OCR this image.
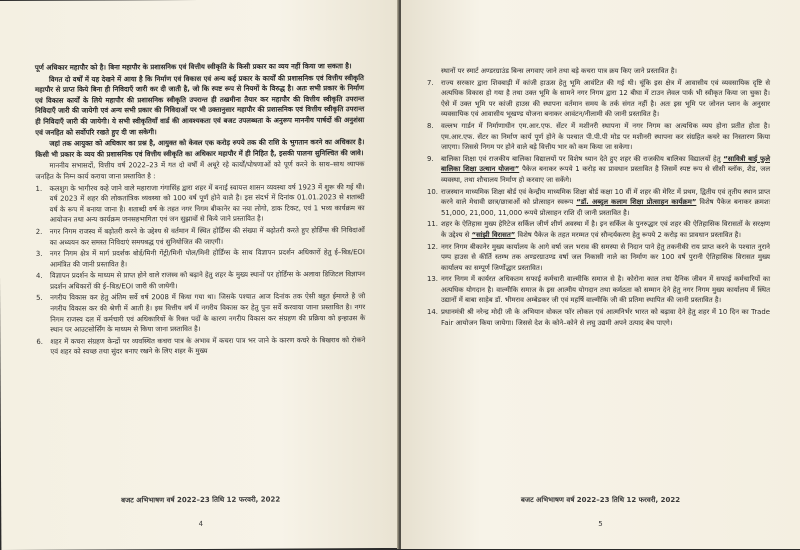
पूर्ण अधिकार महापौर को है। बिना महापौर के प्रशासनिक एवं वित्तीय स्वीकृति के किसी प्रकार का व्यय नहीं किया जा सकता है।

विगत दो वर्षों में यह देखने में आया है कि निर्माण एवं विकास एवं अन्य कई प्रकार के कार्यों की प्रशासनिक एवं वित्तीय स्वीकृति महापौर से प्राप्त किये बिना ही निविदाएँ जारी कर दी जाती है, जो कि स्पष्ट रूप से नियमों के विरुद्ध है। अतः सभी प्रकार के निर्माण एवं विकास कार्यों के लिये महापौर की प्रशासनिक स्वीकृति उपरान्त ही तखमीना तैयार कर महापौर की वित्तीय स्वीकृति उपरान्त निविदाएँ जारी की जायेगी एवं अन्य सभी प्रकार की निविदाओं पर भी उक्तानुसार महापौर की प्रशासनिक एवं वित्तीय स्वीकृति उपरान्त ही निविदाएँ जारी की जायेगी। ये सभी स्वीकृतियाँ वार्ड की आवश्यकता एवं बजट उपलब्धता के अनुरूप माननीय पार्षदों की अनुशंसा एवं जनहित को सर्वोपरि रखते हुए दी जा सकेगी।

जहां तक आयुक्त को अधिकार का प्रश्न है, आयुक्त को केवल एक करोड़ रुपये तक की राशि के भुगतान करने का अधिकार है। किसी भी प्रकार के व्यय की प्रशासनिक एवं वित्तीय स्वीकृति का अधिकार महापौर में ही निहित है, इसकी पालना सुनिश्चित की जावे।

माननीय सभासदों, वित्तीय वर्ष 2022–23 में गत दो वर्षों में अधूरे रहे कार्यों/घोषणाओं को पूर्ण करने के साथ–साथ व्यापक जनहित के निम्न कार्य कराया जाना प्रस्तावित है :

1.	कलशुग के भागीरथ कहे जाने वाले महाराजा गंगासिंह द्वारा शहर में बनाई स्वायत्त शासन व्यवस्था वर्ष 1923 में शुरू की गई थी। वर्ष 2023 में शहर की लोकतांत्रिक व्यवस्था को 100 वर्ष पूर्ण होने वाले है। इस संदर्भ में दिनांक 01.01.2023 से शताब्दी वर्ष के रूप में बनाया जाना है। शताब्दी वर्ष के तहत नगर निगम बीकानेर का नया लोगो, डाक टिकट, एवं 1 भव्य कार्यक्रम का आयोजन तथा अन्य कार्यक्रम जनसहभागिता एवं जन सुझावों से किये जाने प्रस्तावित है।
2.	नगर निगम राजस्व में बढ़ोतरी करने के उद्देश्य से वर्तमान में स्थित होर्डिंग्स की संख्या में बढ़ोतरी करते हुए होर्डिंग्स की निविदाओं का अध्ययन कर समस्त निविदाएं समयबद्ध एवं सुनियोजित की जाएगी।
3.	नगर निगम क्षेत्र में मार्ग प्रदर्शक बोर्ड/मिनी गेंट्री/मिनी पोल/मिनी होर्डिंग्स के साथ विज्ञापन प्रदर्शन अधिकारों हेतु ई–बिड/EOI आमंत्रित की जानी प्रस्तावित है।
4.	विज्ञापन प्रदर्शन के माध्यम से प्राप्त होने वाले राजस्व को बढ़ाने हेतु शहर के मुख्य स्थानों पर होर्डिंग्स के अलावा डिजिटल विज्ञापन प्रदर्शन अधिकारों की ई–बिड/EOI जारी की जायेगी।
5.	नगरीय विकास कर हेतु अंतिम सर्वे वर्ष 2008 में किया गया था। जिसके पश्चात आज दिनांक तक ऐसी बहुत ईमारते है जो नगरीय विकास कर की श्रेणी में आती है। इस वित्तीय वर्ष में नगरीय विकास कर हेतु पुनः सर्वे करवाया जाना प्रस्तावित है। नगर निगम राजस्व दल में कर्मचारी एवं अधिकारियों के रिक्त पदों के कारण नगरीय विकास कर संग्रहण की प्रक्रिया को इन्हाउस के स्थान पर आउटसोर्सिंग के माध्यम से किया जाना प्रस्तावित है।
6.	शहर में कचरा संग्रहण केन्द्रों पर व्यवस्थित कचरा पात्र के अभाव में कचरा पात्र भर जाने के कारण कचरे के बिखराव को रोकने एवं शहर को स्वच्छ तथा सुंदर बनाए रखने के लिए शहर के मुख्य
बजट अभिभाषण वर्ष 2022–23 तिथि 12 फरवरी, 2022
4

स्थानों पर स्मार्ट अण्डरग्राउंड बिन्स लगवाए जाने तथा बड़े कचरा पात्र क्रय किए जाने प्रस्तावित है।

7.	राज्य सरकार द्वारा शिवबाड़ी में कांजी हाऊस हेतु भूमि आवंटित की गई थी। चूंकि इस क्षेत्र में आवासीय एवं व्यवसायिक दृष्टि से अत्यधिक विकास हो गया है तथा उक्त भूमि के सामने नगर निगम द्वारा 12 बीघा में टाउन लेवल पार्क भी स्वीकृत किया जा चुका है। ऐसे में उक्त भूमि पर कांजी हाउस की स्थापना वर्तमान समय के तर्क संगत नहीं है। अतः इस भूमि पर जोनल प्लान के अनुसार व्यवसायिक एवं आवासीय भूखण्ड योजना बनाकर आवंटन/नीलामी की जानी प्रस्तावित है।
8.	वल्लभ गार्डन में निर्माणाधीन एम.आर.एफ. सेंटर में मशीनरी स्थापना में नगर निगम का अत्यधिक व्यय होना प्रतीत होता है। एम.आर.एफ. सेंटर का निर्माण कार्य पूर्ण होने के पश्चात पी.पी.पी मोड पर मशीनरी स्थापना कर संग्रहित कचरे का निस्तारण किया जाएगा। जिससे निगम पर होने वाले बड़े वित्तीय भार को कम किया जा सकेगा।
9.	बालिका शिक्षा एवं राजकीय बालिका विद्यालयों पर विशेष ध्यान देते हुए शहर की राजकीय बालिका विद्यालयों हेतु “सावित्री बाई फुले बालिका शिक्षा उत्थान योजना” पैकेज बनाकर रूपये 1 करोड़ का प्रावधान प्रस्तावित है जिसमें स्पष्ट रूप से सीसी ब्लॉक, शैड, जल व्यवस्था, तथा शौचालय निर्माण हो करवाए जा सकेंगे।
10. राजस्थान माध्यमिक शिक्षा बोर्ड एवं केन्द्रीय माध्यमिक शिक्षा बोर्ड कक्षा 10 वीं में शहर की मेरिट में प्रथम, द्वितीय एवं तृतीय स्थान प्राप्त करने वाले मेधावी छात्र/छात्राओं को प्रोत्साहन स्वरूप “डॉ. अब्दुल कलाम शिक्षा प्रोत्साहन कार्यक्रम” विशेष पैकेज बनाकर क्रमशः 51,000, 21,000, 11,000 रूपये प्रोत्साहन राशि दी जानी प्रस्तावित है।
11. शहर के ऐतिहास मुख्य हेरिटेज सर्किल जीर्ण शीर्ण अवस्था में है। इन सर्किल के पुनरुद्धार एवं शहर की ऐतिहासिक विरासतों के सरक्षण के उद्देश्य से “सांझी विरासत” विशेष पैकेज के तहत मरम्मत एवं सौन्दर्यकरण हेतु रूपये 2 करोड़ का प्रावधान प्रस्तावित है।
12. नगर निगम बीकानेर मुख्य कार्यालय के आगे वर्षा जल भराव की समस्या से निदान पाने हेतु तकनीकी राय प्राप्त करने के पश्चात नुराने पम्प हाउस से कीर्ति स्तम्भ तक अण्डरग्राउण्ड वर्षा जल निकासी नाले का निर्माण कर 100 वर्ष पुरानी ऐतिहासिक विरासत मुख्य कार्यालय का सम्पूर्ण जिर्णोद्धार प्रस्तावित।
13. नगर निगम में कार्यरत अधिकतम सफाई कर्मचारी वाल्मीकि समाज से है। कोरोना काल तथा दैनिक जीवन में सफाई कर्मचारियों का अत्यधिक योगदान है। वाल्मीकि समाज के इस आत्मीय योगदान तथा कर्मठता को सम्मान देने हेतु नगर निगम मुख्य कार्यालय में स्थित उद्यानों में बाबा साहेब डॉ. भीमराव अम्बेडकर जी एवं महर्षि वाल्मीकि जी की प्रतिमा स्थापित की जानी प्रस्तावित है।
14. प्रधानमंत्री श्री नरेन्द्र मोदी जी के अभियान वोकल फॉर लोकल एवं आत्मनिर्भर भारत को बढ़ावा देने हेतु शहर में 10 दिन का Trade Fair आयोजन किया जायेगा। जिससे देश के कोने–कोने से लघु उद्यमी अपने उत्पाद बेच पाएगे।
बजट अभिभाषण वर्ष 2022–23 तिथि 12 फरवरी, 2022
5
